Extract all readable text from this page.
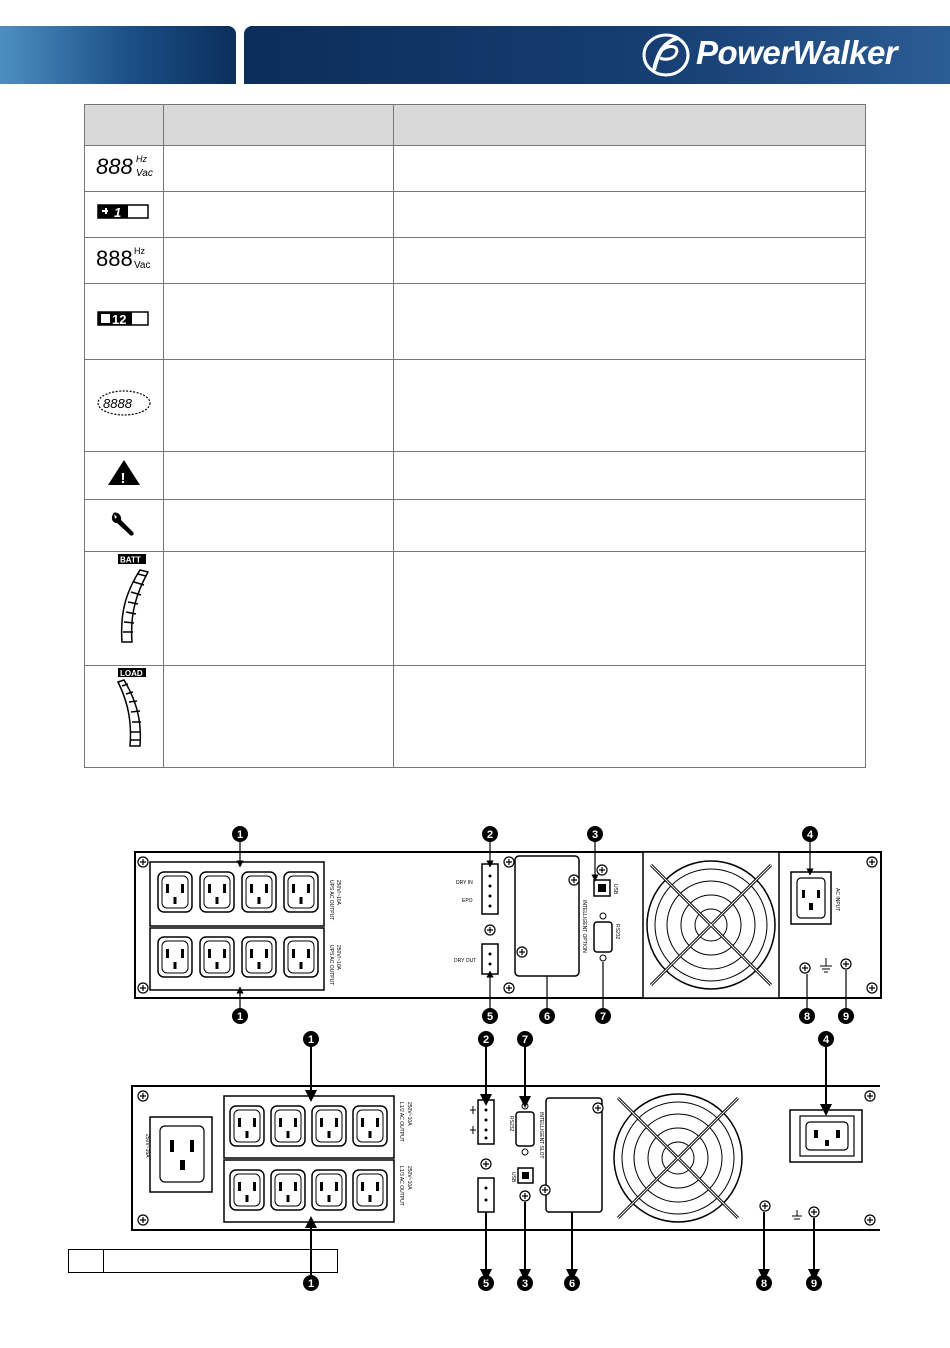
PowerWalker

888 Hz
Vac		

1		

888 Hz
Vac		

12		

8888		

!		

BATT		

LOAD		

UPS AC OUTPUT 250V/~10A
UPS AC OUTPUT 250V/~10A
DRY IN
EPO
DRY OUT
INTELLIGENT OPTION
USB
RS232
AC INPUT
1	2	3	4
1	5	6	7	8	9
250V~16A
L1/2 AC OUTPUT 250V~10A
L1/3 AC OUTPUT 250V~10A
RS232
USB
INTELLIGENT SLOT
1	2	7	4
1	5	3	6	8	9
